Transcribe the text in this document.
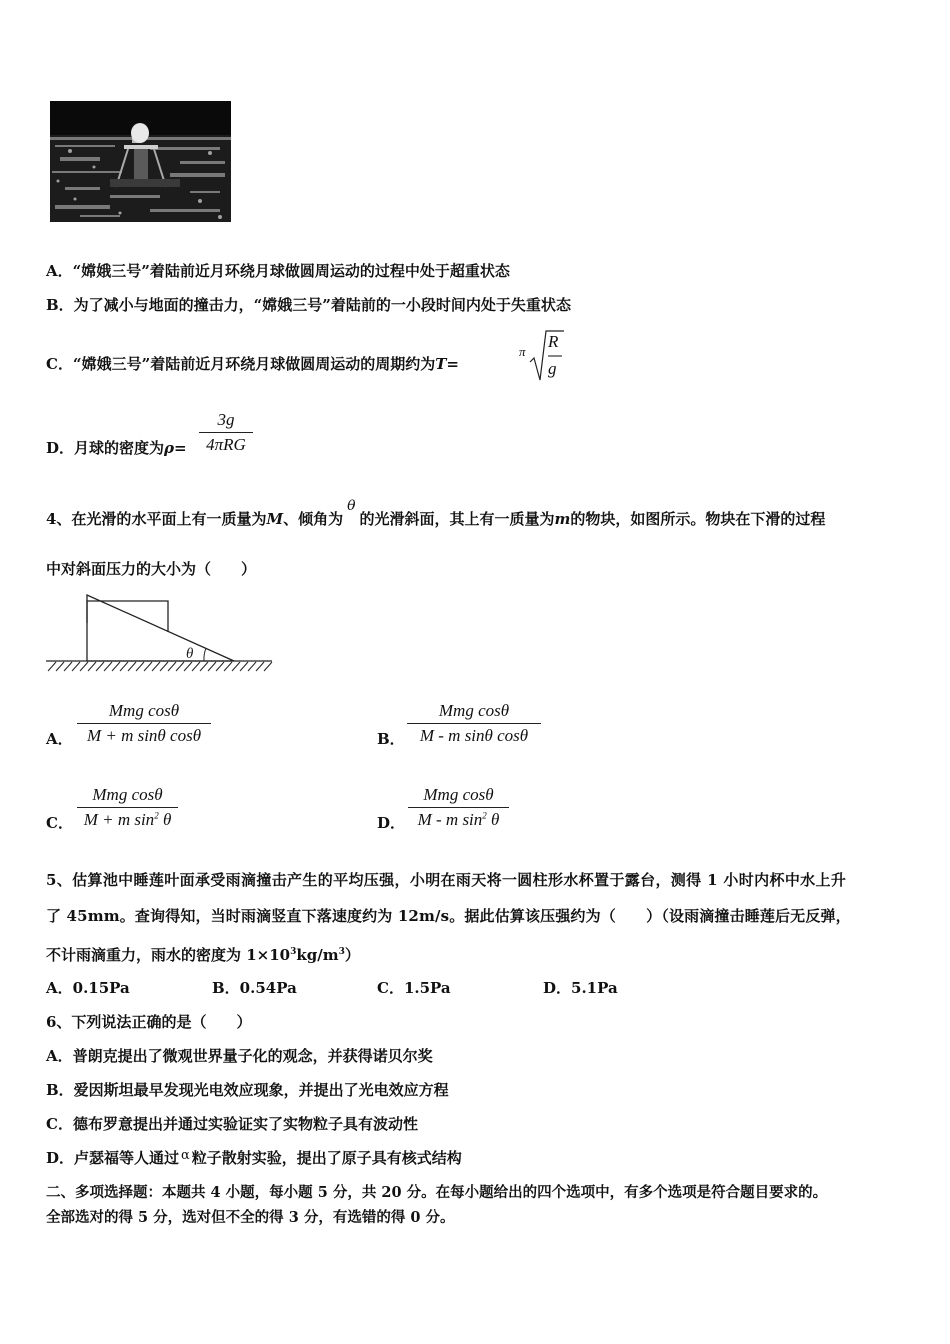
A．“嫦娥三号”着陆前近月环绕月球做圆周运动的过程中处于超重状态
B．为了减小与地面的撞击力，“嫦娥三号”着陆前的一小段时间内处于失重状态
C．“嫦娥三号”着陆前近月环绕月球做圆周运动的周期约为T=
π
R
g
D．月球的密度为ρ=
3g
4πRG
4、在光滑的水平面上有一质量为M、倾角为θ的光滑斜面，其上有一质量为m的物块，如图所示。物块在下滑的过程
中对斜面压力的大小为（　　）
θ
A．
Mmg cosθ
M + m sinθ cosθ	B．
Mmg cosθ
M - m sinθ cosθ
C．
Mmg cosθ
M + m $\sin^2 \theta$	D．
Mmg cosθ
M - m $\sin^2 \theta$
5、估算池中睡莲叶面承受雨滴撞击产生的平均压强，小明在雨天将一圆柱形水杯置于露台，测得 1 小时内杯中水上升
了 45mm。查询得知，当时雨滴竖直下落速度约为 12m/s。据此估算该压强约为（　　）（设雨滴撞击睡莲后无反弹，
不计雨滴重力，雨水的密度为 $1\times 10^3kg/m^3$）
A．0.15Pa	B．0.54Pa	C．1.5Pa	D．5.1Pa
6、下列说法正确的是（　　）
A．普朗克提出了微观世界量子化的观念，并获得诺贝尔奖
B．爱因斯坦最早发现光电效应现象，并提出了光电效应方程
C．德布罗意提出并通过实验证实了实物粒子具有波动性
D．卢瑟福等人通过 α 粒子散射实验，提出了原子具有核式结构
二、多项选择题：本题共 4 小题，每小题 5 分，共 20 分。在每小题给出的四个选项中，有多个选项是符合题目要求的。
全部选对的得 5 分，选对但不全的得 3 分，有选错的得 0 分。
